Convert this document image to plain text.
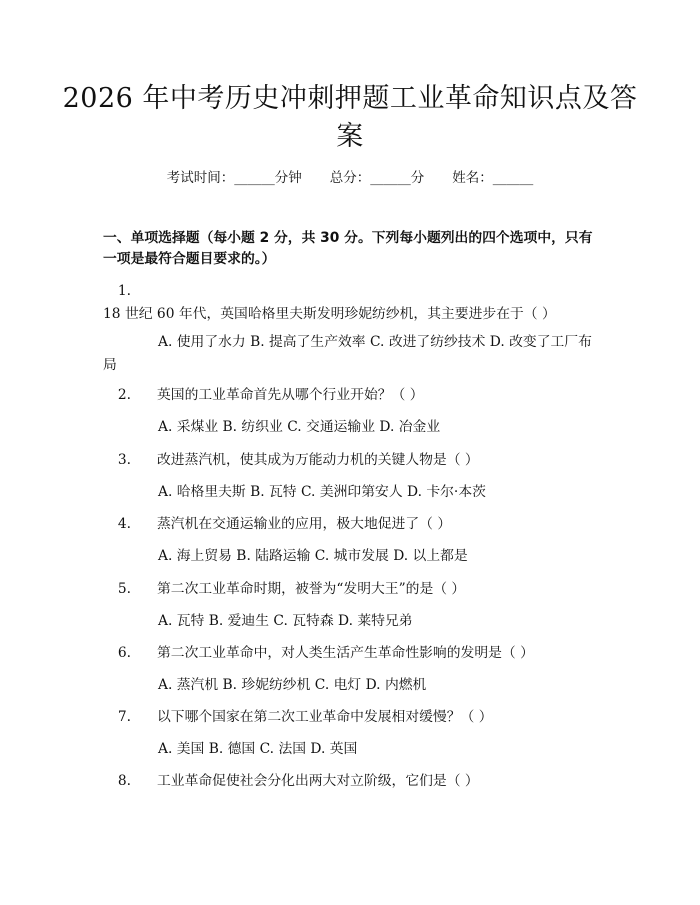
2026 年中考历史冲刺押题工业革命知识点及答案
考试时间：______分钟 总分：______分 姓名：______
一、单项选择题（每小题 2 分，共 30 分。下列每小题列出的四个选项中，只有一项是最符合题目要求的。）
1.18 世纪 60 年代，英国哈格里夫斯发明珍妮纺纱机，其主要进步在于（ ）
A. 使用了水力 B. 提高了生产效率 C. 改进了纺纱技术 D. 改变了工厂布局
2. 英国的工业革命首先从哪个行业开始？（ ）
A. 采煤业 B. 纺织业 C. 交通运输业 D. 冶金业
3. 改进蒸汽机，使其成为万能动力机的关键人物是（ ）
A. 哈格里夫斯 B. 瓦特 C. 美洲印第安人 D. 卡尔·本茨
4. 蒸汽机在交通运输业的应用，极大地促进了（ ）
A. 海上贸易 B. 陆路运输 C. 城市发展 D. 以上都是
5. 第二次工业革命时期，被誉为“发明大王”的是（ ）
A. 瓦特 B. 爱迪生 C. 瓦特森 D. 莱特兄弟
6. 第二次工业革命中，对人类生活产生革命性影响的发明是（ ）
A. 蒸汽机 B. 珍妮纺纱机 C. 电灯 D. 内燃机
7. 以下哪个国家在第二次工业革命中发展相对缓慢？（ ）
A. 美国 B. 德国 C. 法国 D. 英国
8. 工业革命促使社会分化出两大对立阶级，它们是（ ）
